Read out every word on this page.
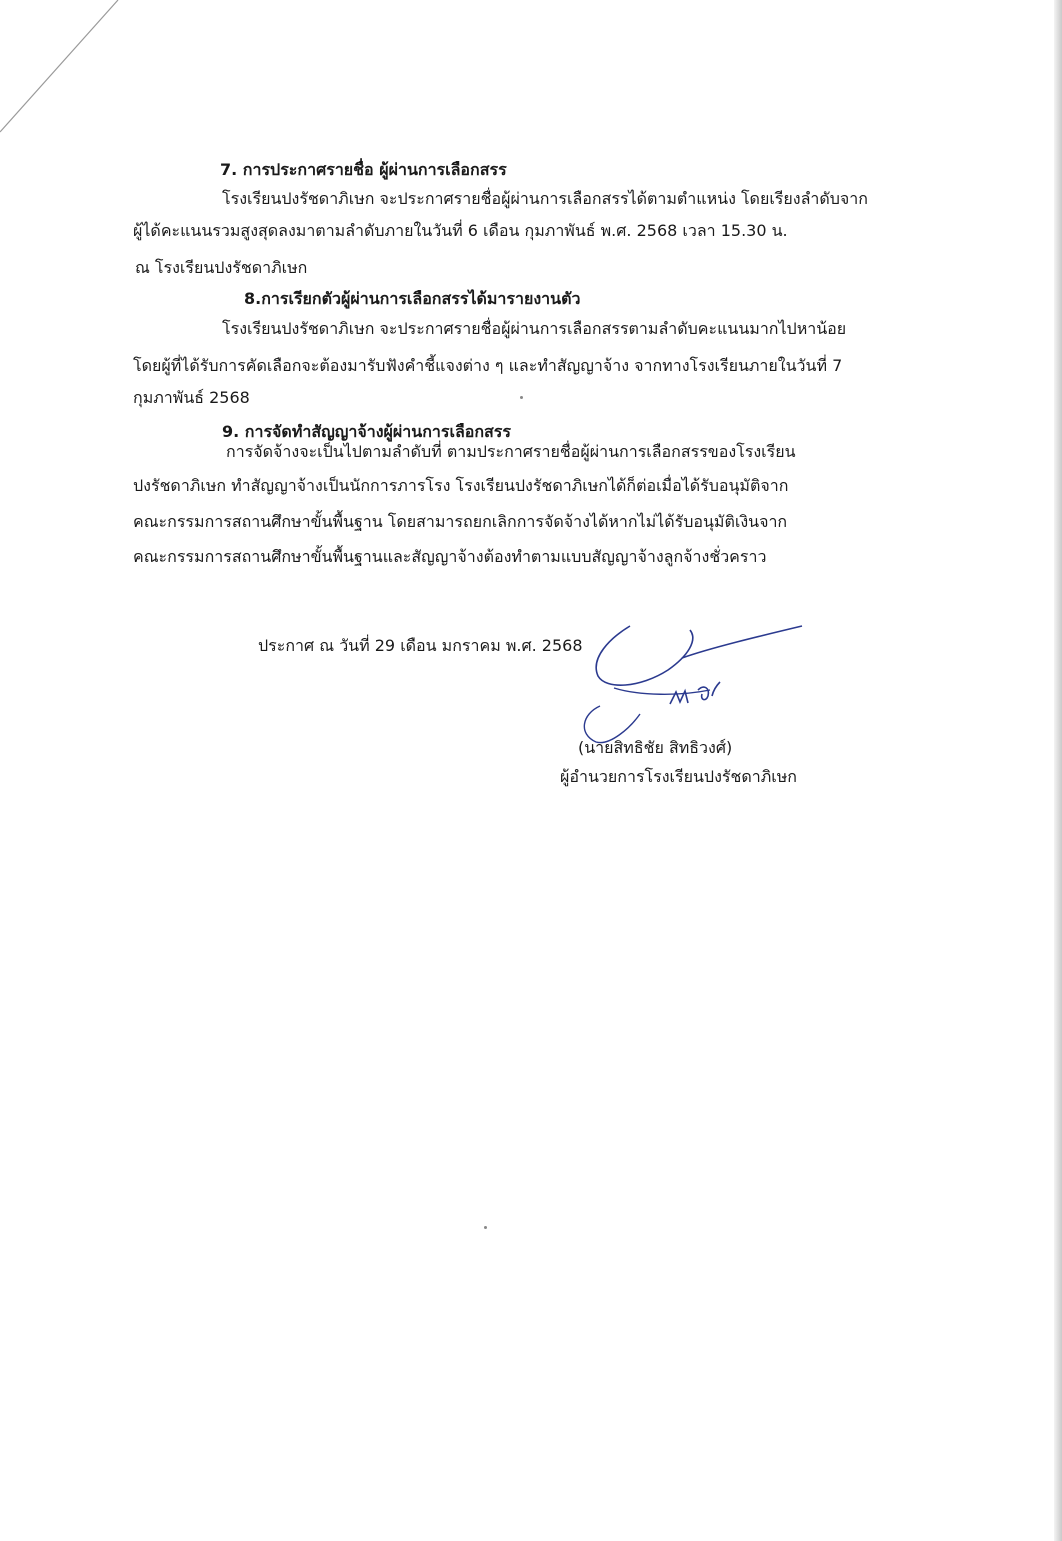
7. การประกาศรายชื่อ ผู้ผ่านการเลือกสรร
โรงเรียนปงรัชดาภิเษก จะประกาศรายชื่อผู้ผ่านการเลือกสรรได้ตามตำแหน่ง โดยเรียงลำดับจาก
ผู้ได้คะแนนรวมสูงสุดลงมาตามลำดับภายในวันที่ 6 เดือน กุมภาพันธ์ พ.ศ. 2568 เวลา 15.30 น.
ณ โรงเรียนปงรัชดาภิเษก
8.การเรียกตัวผู้ผ่านการเลือกสรรได้มารายงานตัว
โรงเรียนปงรัชดาภิเษก จะประกาศรายชื่อผู้ผ่านการเลือกสรรตามลำดับคะแนนมากไปหาน้อย
โดยผู้ที่ได้รับการคัดเลือกจะต้องมารับฟังคำชี้แจงต่าง ๆ และทำสัญญาจ้าง จากทางโรงเรียนภายในวันที่ 7
กุมภาพันธ์ 2568
9. การจัดทำสัญญาจ้างผู้ผ่านการเลือกสรร
การจัดจ้างจะเป็นไปตามลำดับที่ ตามประกาศรายชื่อผู้ผ่านการเลือกสรรของโรงเรียน
ปงรัชดาภิเษก ทำสัญญาจ้างเป็นนักการภารโรง โรงเรียนปงรัชดาภิเษกได้ก็ต่อเมื่อได้รับอนุมัติจาก
คณะกรรมการสถานศึกษาขั้นพื้นฐาน โดยสามารถยกเลิกการจัดจ้างได้หากไม่ได้รับอนุมัติเงินจาก
คณะกรรมการสถานศึกษาขั้นพื้นฐานและสัญญาจ้างต้องทำตามแบบสัญญาจ้างลูกจ้างชั่วคราว
ประกาศ ณ วันที่ 29 เดือน มกราคม พ.ศ. 2568
(นายสิทธิชัย สิทธิวงศ์)
ผู้อำนวยการโรงเรียนปงรัชดาภิเษก
